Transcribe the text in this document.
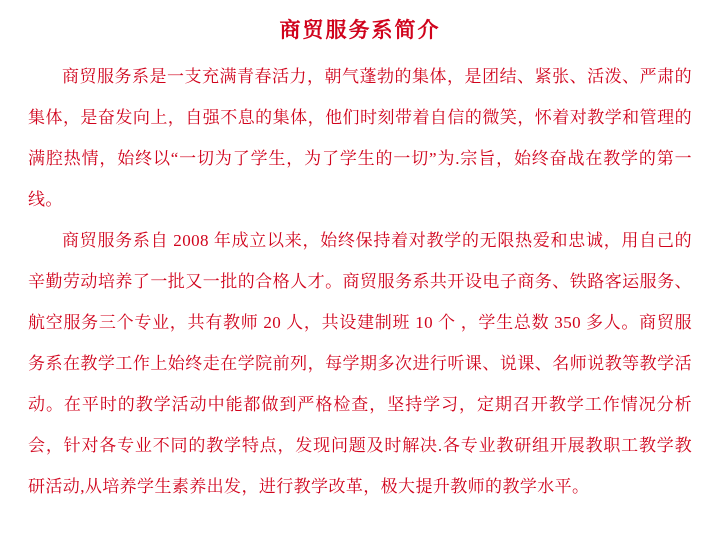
商贸服务系简介

商贸服务系是一支充满青春活力，朝气蓬勃的集体，是团结、紧张、活泼、严肃的集体，是奋发向上，自强不息的集体，他们时刻带着自信的微笑，怀着对教学和管理的满腔热情，始终以“一切为了学生，为了学生的一切”为.宗旨，始终奋战在教学的第一线。

商贸服务系自 2008 年成立以来，始终保持着对教学的无限热爱和忠诚，用自己的辛勤劳动培养了一批又一批的合格人才。商贸服务系共开设电子商务、铁路客运服务、航空服务三个专业，共有教师 20 人，共设建制班 10 个 ，学生总数 350 多人。商贸服务系在教学工作上始终走在学院前列，每学期多次进行听课、说课、名师说教等教学活动。在平时的教学活动中能都做到严格检查，坚持学习，定期召开教学工作情况分析会，针对各专业不同的教学特点，发现问题及时解决.各专业教研组开展教职工教学教研活动,从培养学生素养出发，进行教学改革，极大提升教师的教学水平。
